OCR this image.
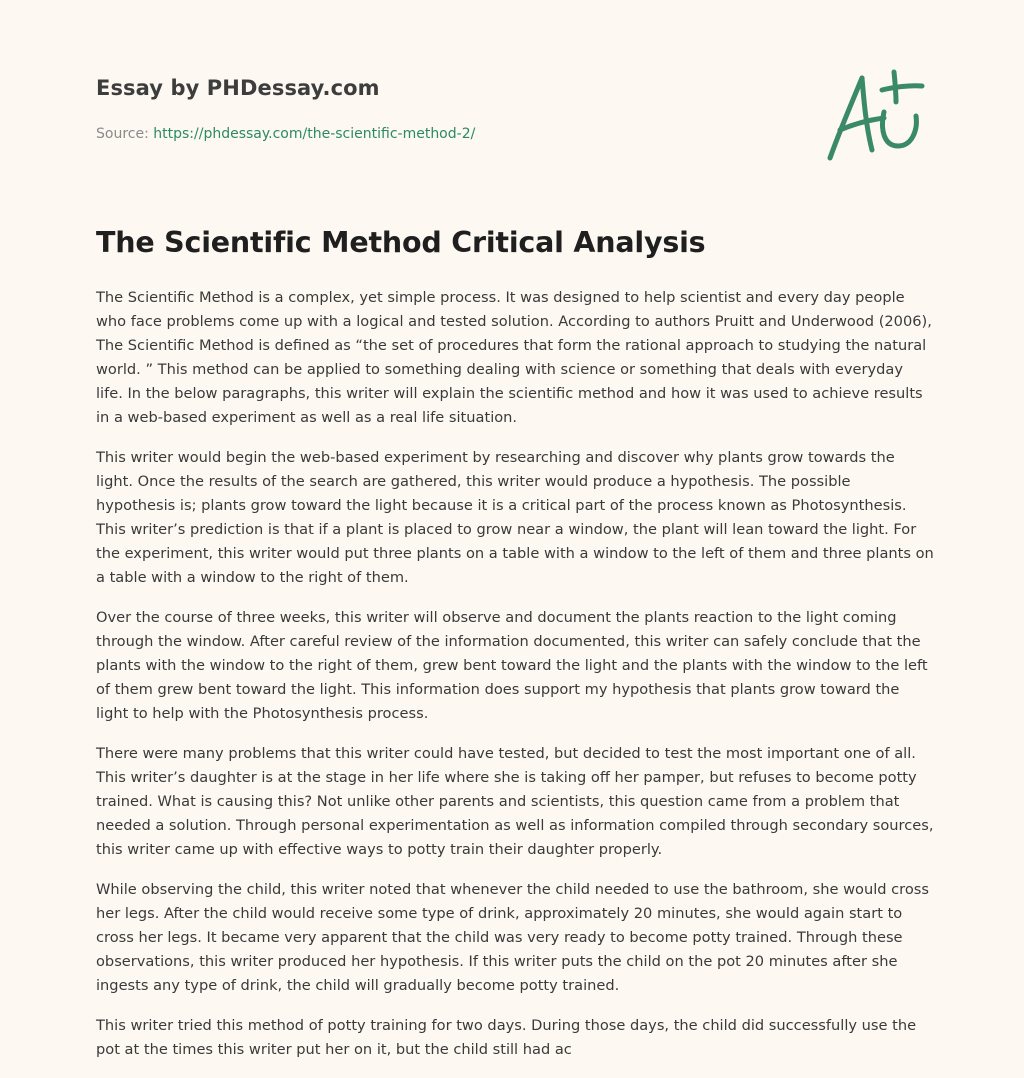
Essay by PHDessay.com
Source: https://phdessay.com/the-scientific-method-2/
The Scientific Method Critical Analysis

The Scientific Method is a complex, yet simple process. It was designed to help scientist and every day people who face problems come up with a logical and tested solution. According to authors Pruitt and Underwood (2006), The Scientific Method is defined as “the set of procedures that form the rational approach to studying the natural world. ” This method can be applied to something dealing with science or something that deals with everyday life. In the below paragraphs, this writer will explain the scientific method and how it was used to achieve results in a web-based experiment as well as a real life situation.

This writer would begin the web-based experiment by researching and discover why plants grow towards the light. Once the results of the search are gathered, this writer would produce a hypothesis. The possible hypothesis is; plants grow toward the light because it is a critical part of the process known as Photosynthesis. This writer’s prediction is that if a plant is placed to grow near a window, the plant will lean toward the light. For the experiment, this writer would put three plants on a table with a window to the left of them and three plants on a table with a window to the right of them.

Over the course of three weeks, this writer will observe and document the plants reaction to the light coming through the window. After careful review of the information documented, this writer can safely conclude that the plants with the window to the right of them, grew bent toward the light and the plants with the window to the left of them grew bent toward the light. This information does support my hypothesis that plants grow toward the light to help with the Photosynthesis process.

There were many problems that this writer could have tested, but decided to test the most important one of all. This writer’s daughter is at the stage in her life where she is taking off her pamper, but refuses to become potty trained. What is causing this? Not unlike other parents and scientists, this question came from a problem that needed a solution. Through personal experimentation as well as information compiled through secondary sources, this writer came up with effective ways to potty train their daughter properly.

While observing the child, this writer noted that whenever the child needed to use the bathroom, she would cross her legs. After the child would receive some type of drink, approximately 20 minutes, she would again start to cross her legs. It became very apparent that the child was very ready to become potty trained. Through these observations, this writer produced her hypothesis. If this writer puts the child on the pot 20 minutes after she ingests any type of drink, the child will gradually become potty trained.

This writer tried this method of potty training for two days. During those days, the child did successfully use the pot at the times this writer put her on it, but the child still had ac
